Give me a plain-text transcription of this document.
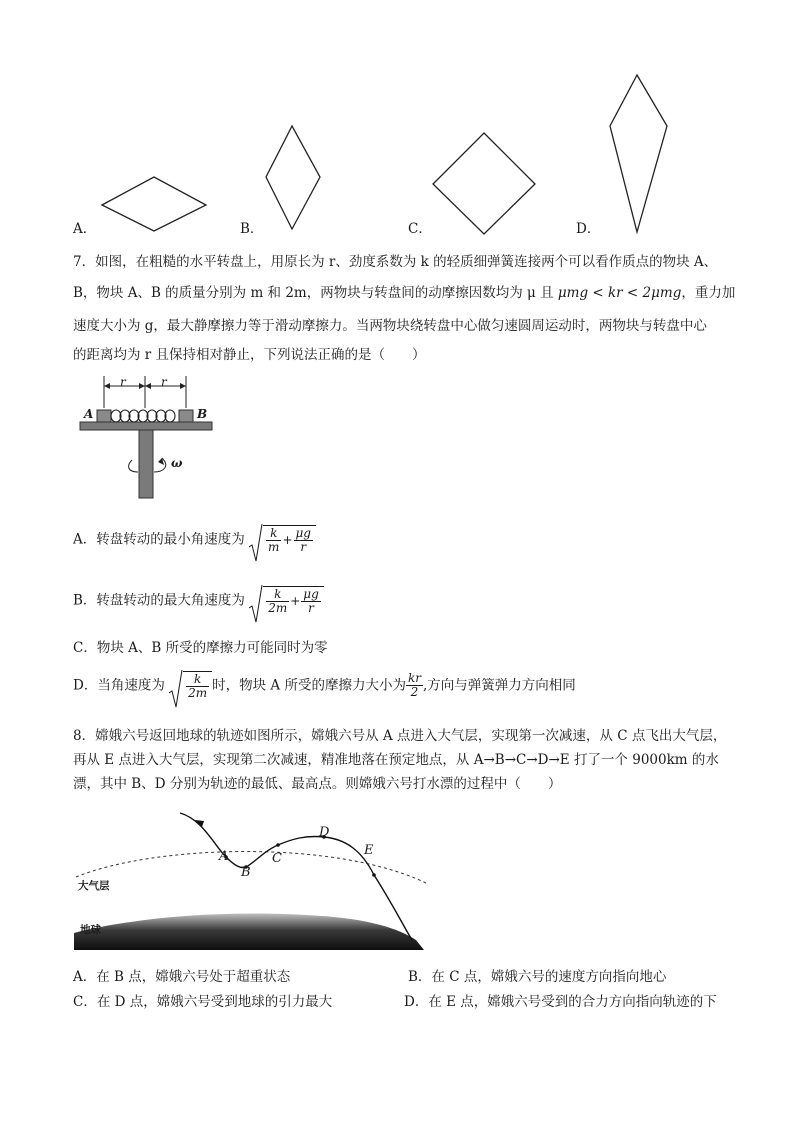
A．	B．	C．	D．
7．如图，在粗糙的水平转盘上，用原长为 r、劲度系数为 k 的轻质细弹簧连接两个可以看作质点的物块 A、
B，物块 A、B 的质量分别为 m 和 2m，两物块与转盘间的动摩擦因数均为 μ 且 μmg < kr < 2μmg，重力加
速度大小为 g，最大静摩擦力等于滑动摩擦力。当两物块绕转盘中心做匀速圆周运动时，两物块与转盘中心
的距离均为 r 且保持相对静止，下列说法正确的是（　　）
r	r
A	B
ω
A．转盘转动的最小角速度为 $\frac{k}{m} + \frac{\mu g}{r}$
B．转盘转动的最大角速度为 $\frac{k}{2m} + \frac{\mu g}{r}$
C．物块 A、B 所受的摩擦力可能同时为零
D．当角速度为 $\frac{k}{2m}$ 时，物块 A 所受的摩擦力大小为 $\frac{kr}{2}$ ,方向与弹簧弹力方向相同
8．嫦娥六号返回地球的轨迹如图所示，嫦娥六号从 A 点进入大气层，实现第一次减速，从 C 点飞出大气层，
再从 E 点进入大气层，实现第二次减速，精准地落在预定地点，从 A→B→C→D→E 打了一个 9000km 的水
漂，其中 B、D 分别为轨迹的最低、最高点。则嫦娥六号打水漂的过程中（　　）
A
B
C
D
E
大气层
地球
A．在 B 点，嫦娥六号处于超重状态	B．在 C 点，嫦娥六号的速度方向指向地心
C．在 D 点，嫦娥六号受到地球的引力最大	D．在 E 点，嫦娥六号受到的合力方向指向轨迹的下
